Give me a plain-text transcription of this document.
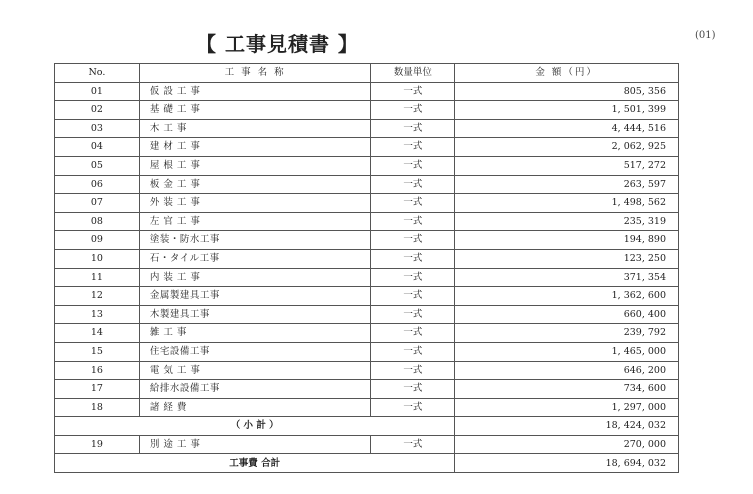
【 工事見積書 】	(01)
No.	工 事 名 称	数量単位	金 額（円）
01	仮 設 工 事	一式	805, 356
02	基 礎 工 事	一式	1, 501, 399
03	木 工 事	一式	4, 444, 516
04	建 材 工 事	一式	2, 062, 925
05	屋 根 工 事	一式	517, 272
06	板 金 工 事	一式	263, 597
07	外 装 工 事	一式	1, 498, 562
08	左 官 工 事	一式	235, 319
09	塗装・防水工事	一式	194, 890
10	石・タイル工事	一式	123, 250
11	内 装 工 事	一式	371, 354
12	金属製建具工事	一式	1, 362, 600
13	木製建具工事	一式	660, 400
14	雑 工 事	一式	239, 792
15	住宅設備工事	一式	1, 465, 000
16	電 気 工 事	一式	646, 200
17	給排水設備工事	一式	734, 600
18	諸 経 費	一式	1, 297, 000
（ 小 計 ）			18, 424, 032
19	別 途 工 事	一式	270, 000
工事費 合計			18, 694, 032
